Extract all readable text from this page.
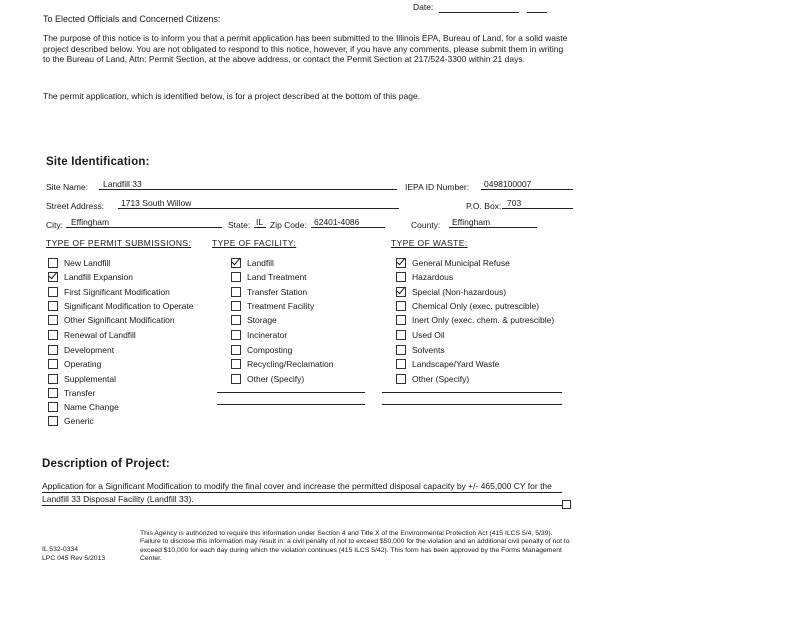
Date:
To Elected Officials and Concerned Citizens:
The purpose of this notice is to inform you that a permit application has been submitted to the Illinois EPA, Bureau of Land, for a solid waste project described below. You are not obligated to respond to this notice, however, if you have any comments, please submit them in writing to the Bureau of Land, Attn: Permit Section, at the above address, or contact the Permit Section at 217/524-3300 within 21 days.
The permit application, which is identified below, is for a project described at the bottom of this page.
Site Identification:
Site Name: Landfill 33	IEPA ID Number: 0498100007
Street Address: 1713 South Willow	P.O. Box: 703
City: Effingham	State: IL Zip Code: 62401-4086	County: Effingham
TYPE OF PERMIT SUBMISSIONS: TYPE OF FACILITY:	TYPE OF WASTE:
New Landfill
Landfill Expansion
First Significant Modification
Significant Modification to Operate
Other Significant Modification
Renewal of Landfill
Development
Operating
Supplemental
Transfer
Name Change
Generic
Landfill
Land Treatment
Transfer Station
Treatment Facility
Storage
Incinerator
Composting
Recycling/Reclamation
Other (Specify)
General Municipal Refuse
Hazardous
Special (Non-hazardous)
Chemical Only (exec. putrescible)
Inert Only (exec. chem. & putrescible)
Used Oil
Solvents
Landscape/Yard Waste
Other (Specify)
Description of Project:
Application for a Significant Modification to modify the final cover and increase the permitted disposal capacity by +/- 465,000 CY for the Landfill 33 Disposal Facility (Landfill 33).
IL 532-0334
LPC 045 Rev 5/2013
This Agency is authorized to require this information under Section 4 and Title X of the Environmental Protection Act (415 ILCS 5/4, 5/39). Failure to disclose this information may result in: a civil penalty of not to exceed $50,000 for the violation and an additional civil penalty of not to exceed $10,000 for each day during which the violation continues (415 ILCS 5/42). This form has been approved by the Forms Management Center.
